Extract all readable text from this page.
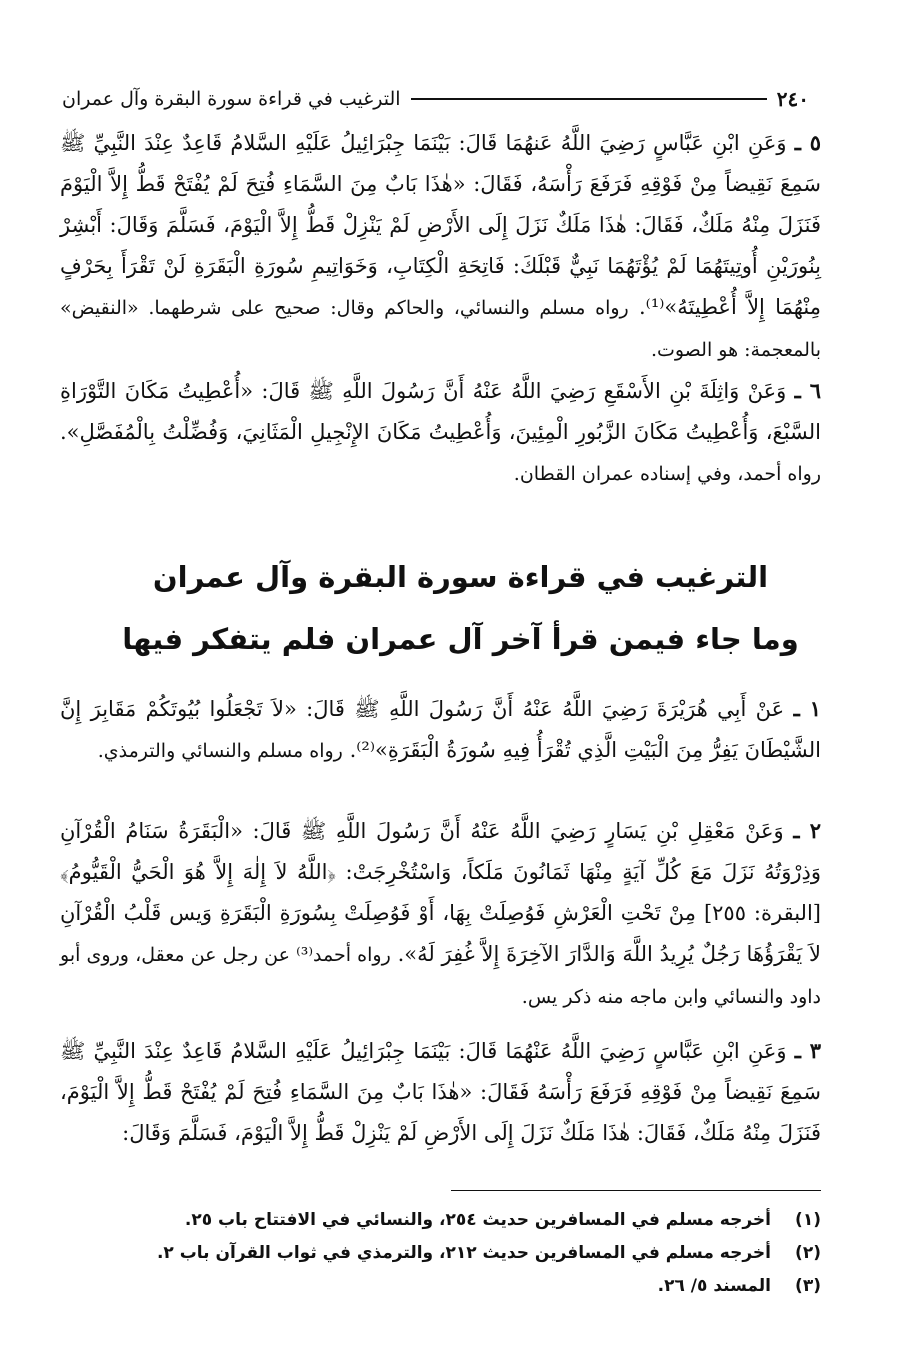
٢٤٠
الترغيب في قراءة سورة البقرة وآل عمران

٥ ـ وَعَنِ ابْنِ عَبَّاسٍ رَضِيَ اللَّهُ عَنهُمَا قَالَ: بَيْنَمَا جِبْرَائِيلُ عَلَيْهِ السَّلامُ قَاعِدٌ عِنْدَ النَّبِيِّ ﷺ سَمِعَ نَقِيضاً مِنْ فَوْقِهِ فَرَفَعَ رَأْسَهُ، فَقَالَ: «هٰذَا بَابٌ مِنَ السَّمَاءِ فُتِحَ لَمْ يُفْتَحْ قَطُّ إِلاَّ الْيَوْمَ فَنَزَلَ مِنْهُ مَلَكٌ، فَقَالَ: هٰذَا مَلَكٌ نَزَلَ إِلَى الأَرْضِ لَمْ يَنْزِلْ قَطُّ إِلاَّ الْيَوْمَ، فَسَلَّمَ وَقَالَ: أَبْشِرْ بِنُورَيْنِ أُوتِيتَهُمَا لَمْ يُؤْتَهُمَا نَبِيٌّ قَبْلَكَ: فَاتِحَةِ الْكِتَابِ، وَخَوَاتِيمِ سُورَةِ الْبَقَرَةِ لَنْ تَقْرَأَ بِحَرْفٍ مِنْهُمَا إِلاَّ أُعْطِيتَهُ»⁽¹⁾. رواه مسلم والنسائي، والحاكم وقال: صحيح على شرطهما. «النقيض» بالمعجمة: هو الصوت.

٦ ـ وَعَنْ وَاثِلَةَ بْنِ الأَسْقَعِ رَضِيَ اللَّهُ عَنْهُ أَنَّ رَسُولَ اللَّهِ ﷺ قَالَ: «أُعْطِيتُ مَكَانَ التَّوْرَاةِ السَّبْعَ، وَأُعْطِيتُ مَكَانَ الزَّبُورِ الْمِئِينَ، وَأُعْطِيتُ مَكَانَ الإِنْجِيلِ الْمَثَانِيَ، وَفُضِّلْتُ بِالْمُفَصَّلِ». رواه أحمد، وفي إسناده عمران القطان.

الترغيب في قراءة سورة البقرة وآل عمران
وما جاء فيمن قرأ آخر آل عمران فلم يتفكر فيها

١ ـ عَنْ أَبِي هُرَيْرَةَ رَضِيَ اللَّهُ عَنْهُ أَنَّ رَسُولَ اللَّهِ ﷺ قَالَ: «لاَ تَجْعَلُوا بُيُوتَكُمْ مَقَابِرَ إِنَّ الشَّيْطَانَ يَفِرُّ مِنَ الْبَيْتِ الَّذِي تُقْرَأُ فِيهِ سُورَةُ الْبَقَرَةِ»⁽²⁾. رواه مسلم والنسائي والترمذي.

٢ ـ وَعَنْ مَعْقِلِ بْنِ يَسَارٍ رَضِيَ اللَّهُ عَنْهُ أَنَّ رَسُولَ اللَّهِ ﷺ قَالَ: «الْبَقَرَةُ سَنَامُ الْقُرْآنِ وَذِرْوَتُهُ نَزَلَ مَعَ كُلِّ آيَةٍ مِنْهَا ثَمَانُونَ مَلَكاً، وَاسْتُخْرِجَتْ: ﴿اللَّهُ لاَ إِلٰهَ إِلاَّ هُوَ الْحَيُّ الْقَيُّومُ﴾ [البقرة: ٢٥٥] مِنْ تَحْتِ الْعَرْشِ فَوُصِلَتْ بِهَا، أَوْ فَوُصِلَتْ بِسُورَةِ الْبَقَرَةِ وَيس قَلْبُ الْقُرْآنِ لاَ يَقْرَؤُهَا رَجُلٌ يُرِيدُ اللَّهَ وَالدَّارَ الآخِرَةَ إِلاَّ غُفِرَ لَهُ». رواه أحمد⁽³⁾ عن رجل عن معقل، وروى أبو داود والنسائي وابن ماجه منه ذكر يس.

٣ ـ وَعَنِ ابْنِ عَبَّاسٍ رَضِيَ اللَّهُ عَنْهُمَا قَالَ: بَيْنَمَا جِبْرَائِيلُ عَلَيْهِ السَّلامُ قَاعِدٌ عِنْدَ النَّبِيِّ ﷺ سَمِعَ نَقِيضاً مِنْ فَوْقِهِ فَرَفَعَ رَأْسَهُ فَقَالَ: «هٰذَا بَابٌ مِنَ السَّمَاءِ فُتِحَ لَمْ يُفْتَحْ قَطُّ إِلاَّ الْيَوْمَ، فَنَزَلَ مِنْهُ مَلَكٌ، فَقَالَ: هٰذَا مَلَكٌ نَزَلَ إِلَى الأَرْضِ لَمْ يَنْزِلْ قَطُّ إِلاَّ الْيَوْمَ، فَسَلَّمَ وَقَالَ:

(١)
أخرجه مسلم في المسافرين حديث ٢٥٤، والنسائي في الافتتاح باب ٢٥.
(٢)
أخرجه مسلم في المسافرين حديث ٢١٢، والترمذي في ثواب القرآن باب ٢.
(٣)
المسند ٥/ ٢٦.
